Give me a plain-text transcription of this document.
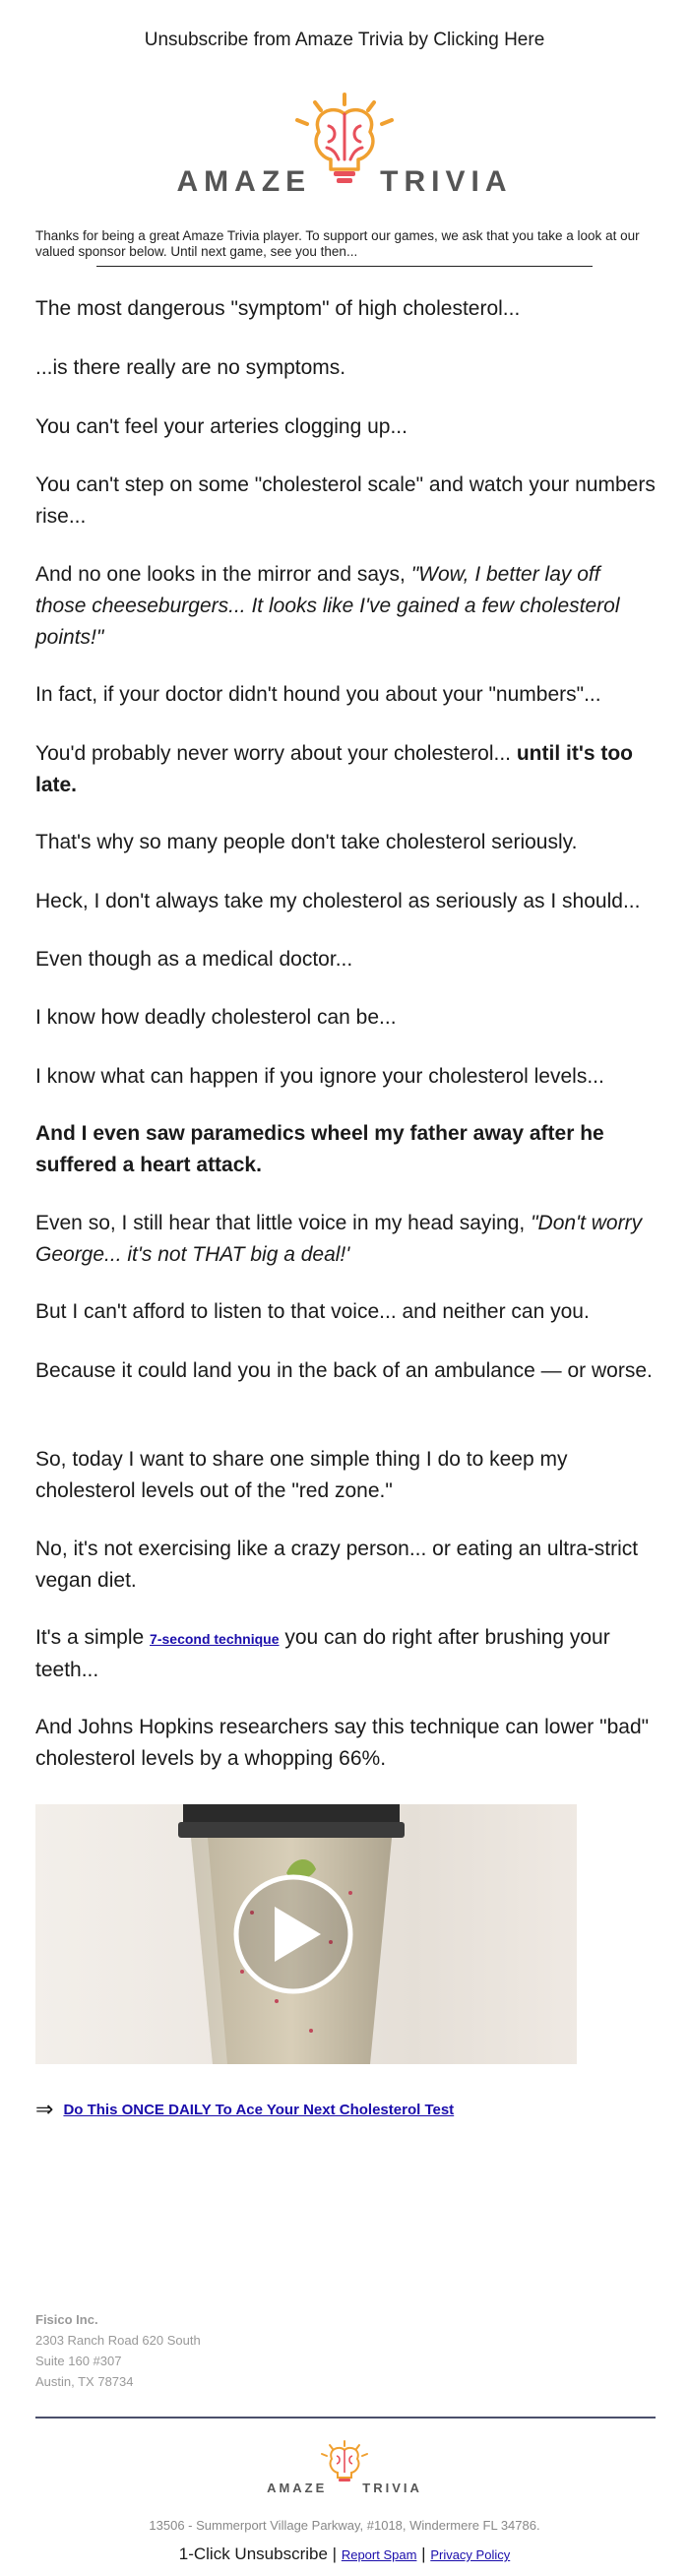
Unsubscribe from Amaze Trivia by Clicking Here
AMAZE TRIVIA
Thanks for being a great Amaze Trivia player. To support our games, we ask that you take a look at our valued sponsor below. Until next game, see you then...

The most dangerous "symptom" of high cholesterol...

...is there really are no symptoms.

You can't feel your arteries clogging up...

You can't step on some "cholesterol scale" and watch your numbers rise...

And no one looks in the mirror and says, "Wow, I better lay off those cheeseburgers... It looks like I've gained a few cholesterol points!"

In fact, if your doctor didn't hound you about your "numbers"...

You'd probably never worry about your cholesterol... until it's too late.

That's why so many people don't take cholesterol seriously.

Heck, I don't always take my cholesterol as seriously as I should...

Even though as a medical doctor...

I know how deadly cholesterol can be...

I know what can happen if you ignore your cholesterol levels...

And I even saw paramedics wheel my father away after he suffered a heart attack.

Even so, I still hear that little voice in my head saying, "Don't worry George... it's not THAT big a deal!'

But I can't afford to listen to that voice... and neither can you.

Because it could land you in the back of an ambulance — or worse.

So, today I want to share one simple thing I do to keep my cholesterol levels out of the "red zone."

No, it's not exercising like a crazy person... or eating an ultra-strict vegan diet.

It's a simple 7-second technique you can do right after brushing your teeth...

And Johns Hopkins researchers say this technique can lower "bad" cholesterol levels by a whopping 66%.

⇒ Do This ONCE DAILY To Ace Your Next Cholesterol Test
Fisico Inc.
2303 Ranch Road 620 South
Suite 160 #307
Austin, TX 78734
AMAZE	TRIVIA
13506 - Summerport Village Parkway, #1018, Windermere FL 34786.
1-Click Unsubscribe | Report Spam | Privacy Policy
